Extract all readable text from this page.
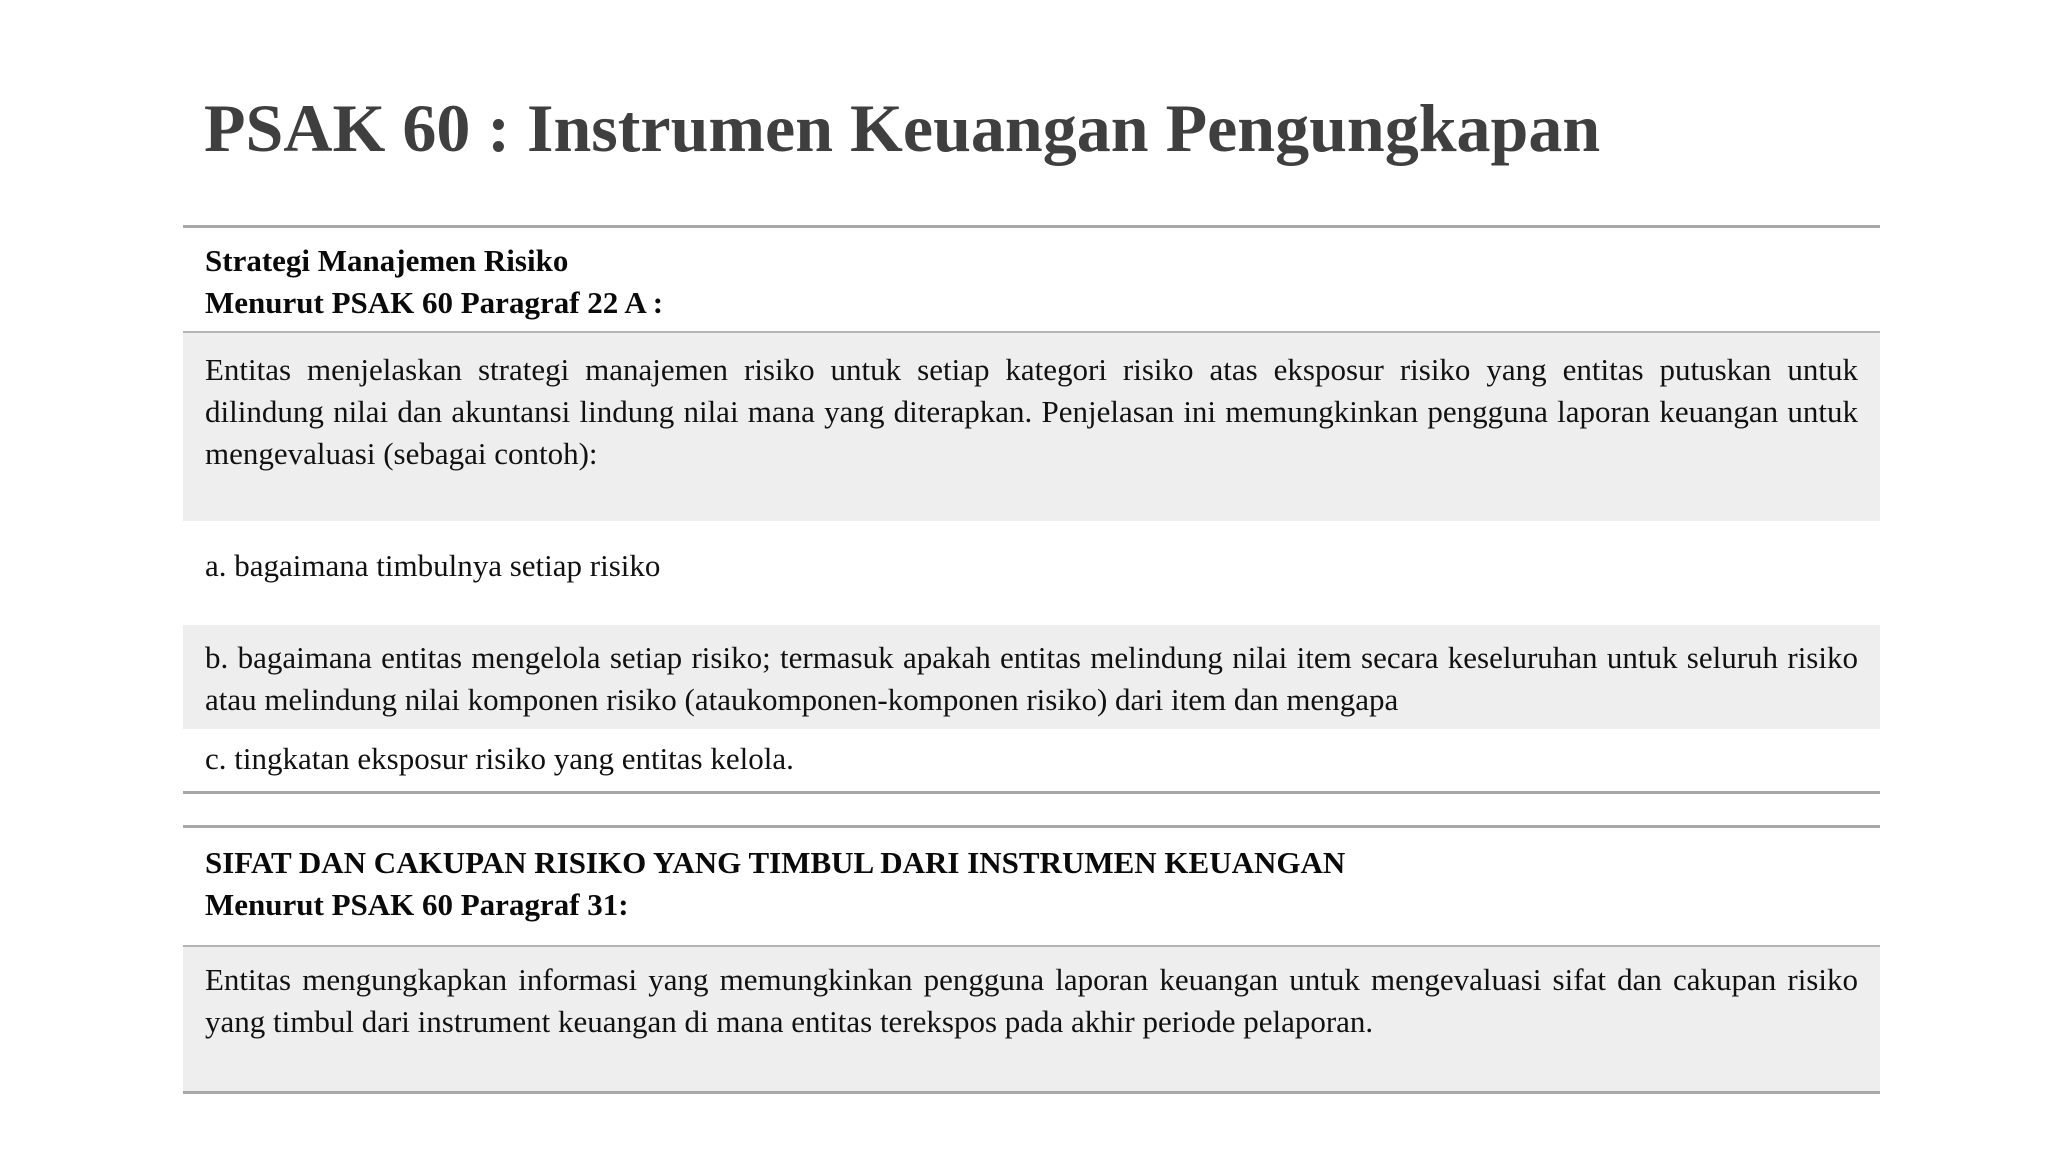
PSAK 60 : Instrumen Keuangan Pengungkapan
Strategi Manajemen Risiko
Menurut PSAK 60 Paragraf 22 A :
Entitas menjelaskan strategi manajemen risiko untuk setiap kategori risiko atas eksposur risiko yang entitas putuskan untuk dilindung nilai dan akuntansi lindung nilai mana yang diterapkan. Penjelasan ini memungkinkan pengguna laporan keuangan untuk mengevaluasi (sebagai contoh):
a. bagaimana timbulnya setiap risiko
b. bagaimana entitas mengelola setiap risiko; termasuk apakah entitas melindung nilai item secara keseluruhan untuk seluruh risiko atau melindung nilai komponen risiko (ataukomponen-komponen risiko) dari item dan mengapa
c. tingkatan eksposur risiko yang entitas kelola.
SIFAT DAN CAKUPAN RISIKO YANG TIMBUL DARI INSTRUMEN KEUANGAN
Menurut PSAK 60 Paragraf 31:
Entitas mengungkapkan informasi yang memungkinkan pengguna laporan keuangan untuk mengevaluasi sifat dan cakupan risiko yang timbul dari instrument keuangan di mana entitas terekspos pada akhir periode pelaporan.
